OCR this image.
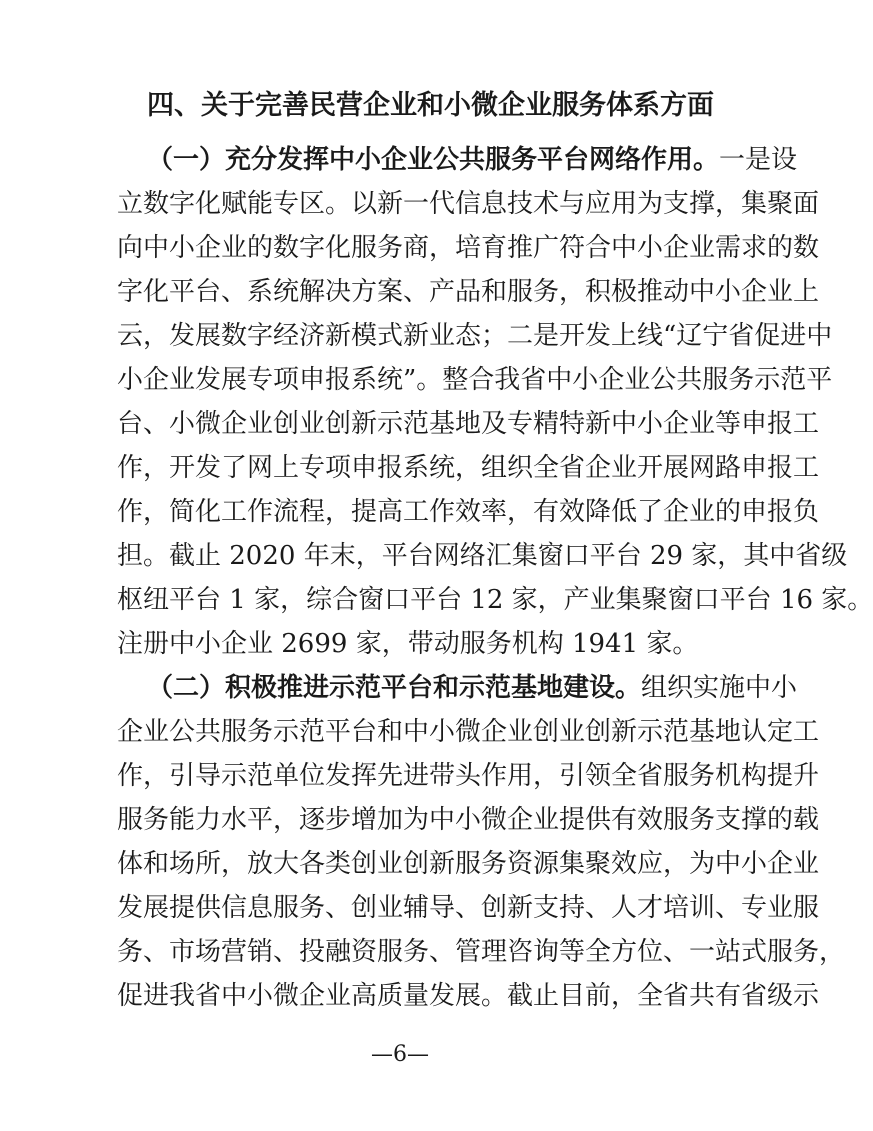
四、关于完善民营企业和小微企业服务体系方面
（一）充分发挥中小企业公共服务平台网络作用。一是设
立数字化赋能专区。以新一代信息技术与应用为支撑，集聚面
向中小企业的数字化服务商，培育推广符合中小企业需求的数
字化平台、系统解决方案、产品和服务，积极推动中小企业上
云，发展数字经济新模式新业态；二是开发上线“辽宁省促进中
小企业发展专项申报系统”。整合我省中小企业公共服务示范平
台、小微企业创业创新示范基地及专精特新中小企业等申报工
作，开发了网上专项申报系统，组织全省企业开展网路申报工
作，简化工作流程，提高工作效率，有效降低了企业的申报负
担。截止 2020 年末，平台网络汇集窗口平台 29 家，其中省级
枢纽平台 1 家，综合窗口平台 12 家，产业集聚窗口平台 16 家。
注册中小企业 2699 家，带动服务机构 1941 家。
（二）积极推进示范平台和示范基地建设。组织实施中小
企业公共服务示范平台和中小微企业创业创新示范基地认定工
作，引导示范单位发挥先进带头作用，引领全省服务机构提升
服务能力水平，逐步增加为中小微企业提供有效服务支撑的载
体和场所，放大各类创业创新服务资源集聚效应，为中小企业
发展提供信息服务、创业辅导、创新支持、人才培训、专业服
务、市场营销、投融资服务、管理咨询等全方位、一站式服务，
促进我省中小微企业高质量发展。截止目前，全省共有省级示
—6—
